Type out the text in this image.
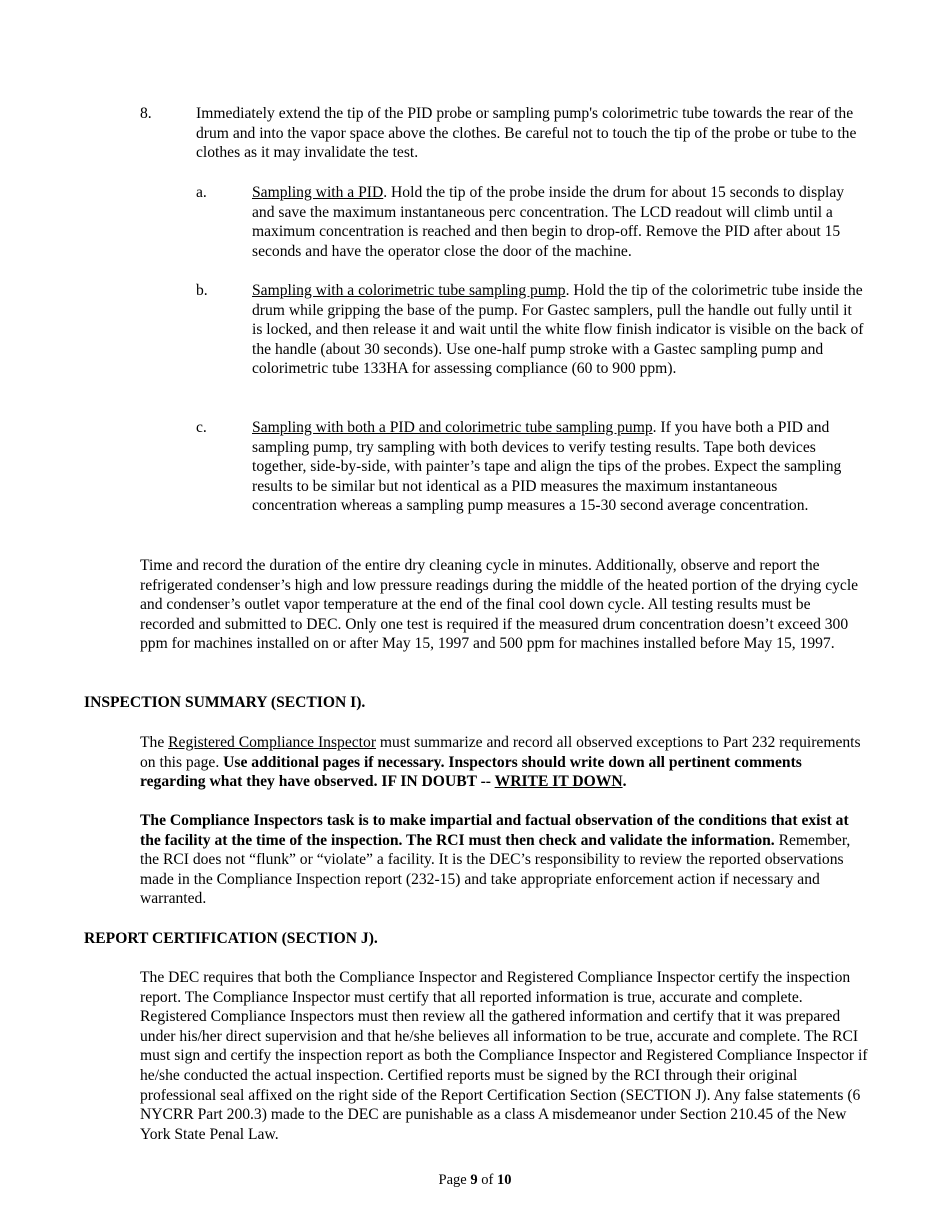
8.	Immediately extend the tip of the PID probe or sampling pump's colorimetric tube towards the rear of the drum and into the vapor space above the clothes. Be careful not to touch the tip of the probe or tube to the clothes as it may invalidate the test.
a.	Sampling with a PID. Hold the tip of the probe inside the drum for about 15 seconds to display and save the maximum instantaneous perc concentration. The LCD readout will climb until a maximum concentration is reached and then begin to drop-off. Remove the PID after about 15 seconds and have the operator close the door of the machine.
b.	Sampling with a colorimetric tube sampling pump. Hold the tip of the colorimetric tube inside the drum while gripping the base of the pump. For Gastec samplers, pull the handle out fully until it is locked, and then release it and wait until the white flow finish indicator is visible on the back of the handle (about 30 seconds). Use one-half pump stroke with a Gastec sampling pump and colorimetric tube 133HA for assessing compliance (60 to 900 ppm).
c.	Sampling with both a PID and colorimetric tube sampling pump. If you have both a PID and sampling pump, try sampling with both devices to verify testing results. Tape both devices together, side-by-side, with painter’s tape and align the tips of the probes. Expect the sampling results to be similar but not identical as a PID measures the maximum instantaneous concentration whereas a sampling pump measures a 15-30 second average concentration.
Time and record the duration of the entire dry cleaning cycle in minutes. Additionally, observe and report the refrigerated condenser’s high and low pressure readings during the middle of the heated portion of the drying cycle and condenser’s outlet vapor temperature at the end of the final cool down cycle. All testing results must be recorded and submitted to DEC. Only one test is required if the measured drum concentration doesn’t exceed 300 ppm for machines installed on or after May 15, 1997 and 500 ppm for machines installed before May 15, 1997.
INSPECTION SUMMARY (SECTION I).
The Registered Compliance Inspector must summarize and record all observed exceptions to Part 232 requirements on this page. Use additional pages if necessary. Inspectors should write down all pertinent comments regarding what they have observed. IF IN DOUBT -- WRITE IT DOWN.
The Compliance Inspectors task is to make impartial and factual observation of the conditions that exist at the facility at the time of the inspection. The RCI must then check and validate the information. Remember, the RCI does not “flunk” or “violate” a facility. It is the DEC’s responsibility to review the reported observations made in the Compliance Inspection report (232-15) and take appropriate enforcement action if necessary and warranted.
REPORT CERTIFICATION (SECTION J).
The DEC requires that both the Compliance Inspector and Registered Compliance Inspector certify the inspection report. The Compliance Inspector must certify that all reported information is true, accurate and complete. Registered Compliance Inspectors must then review all the gathered information and certify that it was prepared under his/her direct supervision and that he/she believes all information to be true, accurate and complete. The RCI must sign and certify the inspection report as both the Compliance Inspector and Registered Compliance Inspector if he/she conducted the actual inspection. Certified reports must be signed by the RCI through their original professional seal affixed on the right side of the Report Certification Section (SECTION J). Any false statements (6 NYCRR Part 200.3) made to the DEC are punishable as a class A misdemeanor under Section 210.45 of the New York State Penal Law.
Page 9 of 10
